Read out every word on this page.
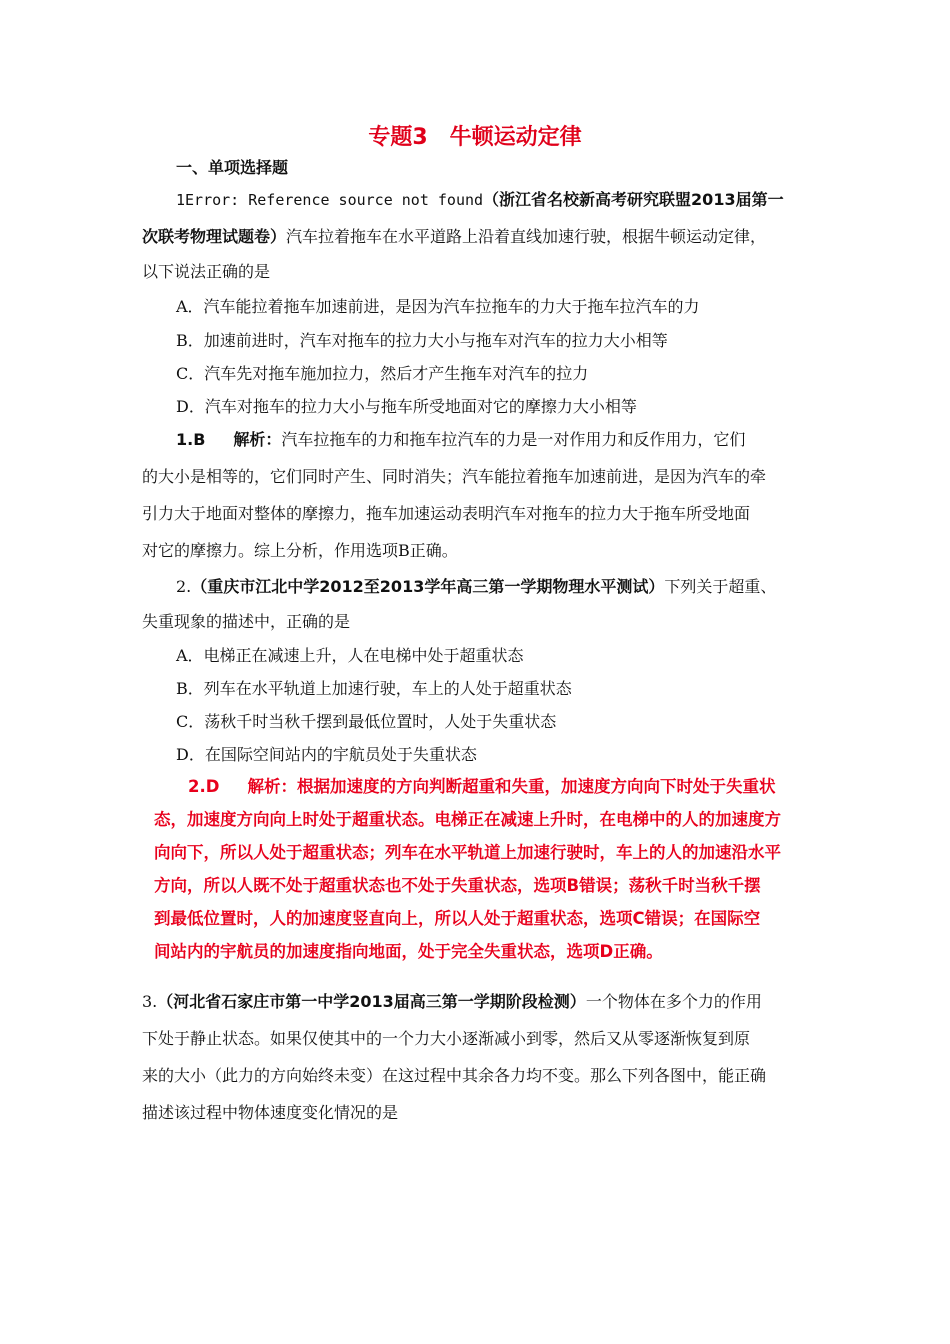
专题3　牛顿运动定律
一、单项选择题
1Error: Reference source not found（浙江省名校新高考研究联盟2013届第一
次联考物理试题卷）汽车拉着拖车在水平道路上沿着直线加速行驶，根据牛顿运动定律，
以下说法正确的是
A．汽车能拉着拖车加速前进，是因为汽车拉拖车的力大于拖车拉汽车的力
B．加速前进时，汽车对拖车的拉力大小与拖车对汽车的拉力大小相等
C．汽车先对拖车施加拉力，然后才产生拖车对汽车的拉力
D．汽车对拖车的拉力大小与拖车所受地面对它的摩擦力大小相等
1.B 解析：汽车拉拖车的力和拖车拉汽车的力是一对作用力和反作用力，它们
的大小是相等的，它们同时产生、同时消失；汽车能拉着拖车加速前进，是因为汽车的牵
引力大于地面对整体的摩擦力，拖车加速运动表明汽车对拖车的拉力大于拖车所受地面
对它的摩擦力。综上分析，作用选项B正确。
2.（重庆市江北中学2012至2013学年高三第一学期物理水平测试）下列关于超重、
失重现象的描述中，正确的是
A．电梯正在减速上升，人在电梯中处于超重状态
B．列车在水平轨道上加速行驶，车上的人处于超重状态
C．荡秋千时当秋千摆到最低位置时，人处于失重状态
D．在国际空间站内的宇航员处于失重状态
2.D 解析：根据加速度的方向判断超重和失重，加速度方向向下时处于失重状
态，加速度方向向上时处于超重状态。电梯正在减速上升时，在电梯中的人的加速度方
向向下，所以人处于超重状态；列车在水平轨道上加速行驶时，车上的人的加速沿水平
方向，所以人既不处于超重状态也不处于失重状态，选项B错误；荡秋千时当秋千摆
到最低位置时，人的加速度竖直向上，所以人处于超重状态，选项C错误；在国际空
间站内的宇航员的加速度指向地面，处于完全失重状态，选项D正确。
3.（河北省石家庄市第一中学2013届高三第一学期阶段检测）一个物体在多个力的作用
下处于静止状态。如果仅使其中的一个力大小逐渐减小到零，然后又从零逐渐恢复到原
来的大小（此力的方向始终未变）在这过程中其余各力均不变。那么下列各图中，能正确
描述该过程中物体速度变化情况的是
